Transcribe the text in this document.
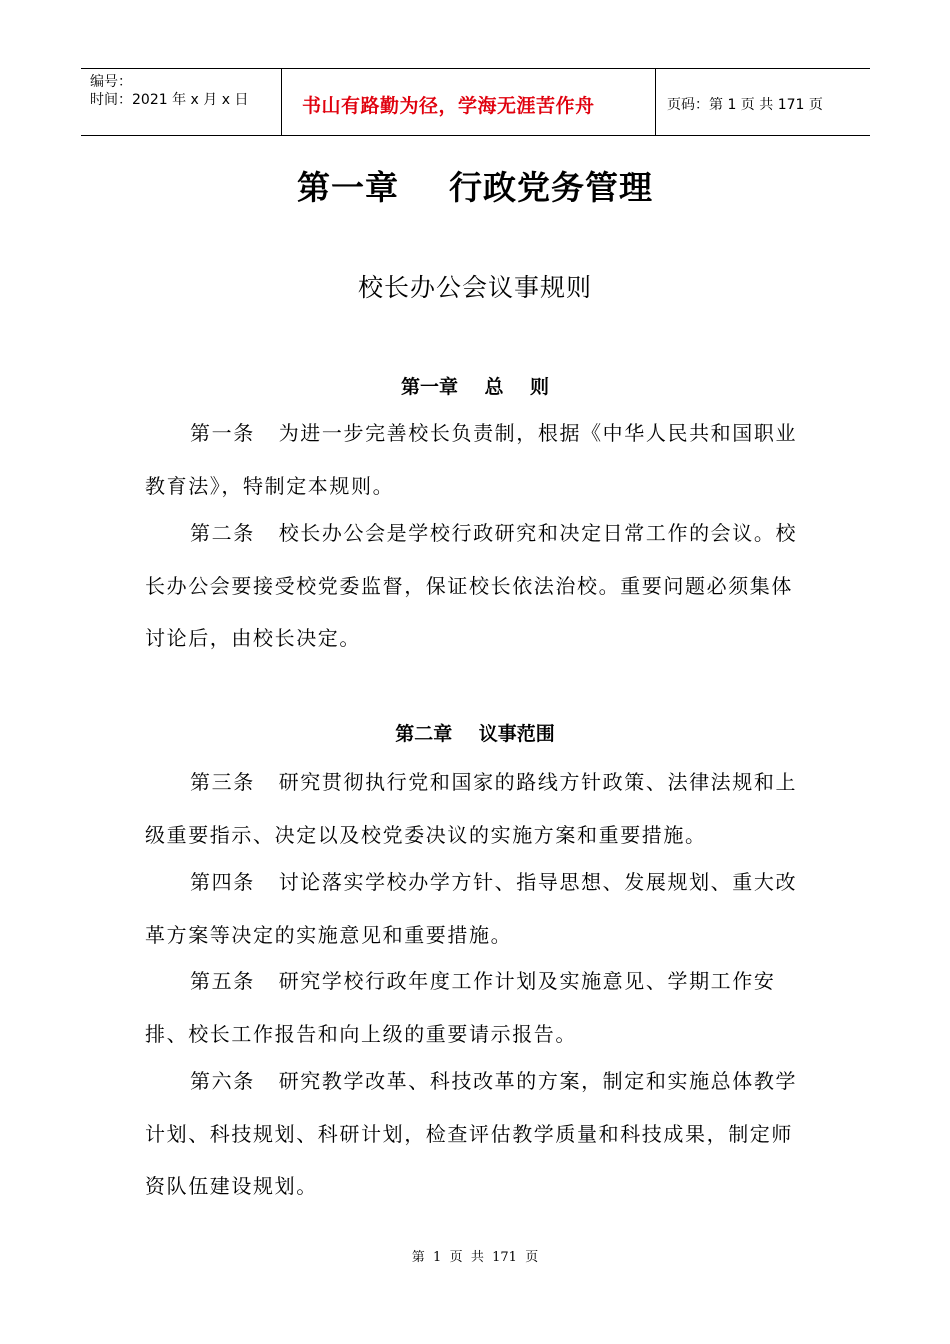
编号：
时间：2021 年 x 月 x 日	书山有路勤为径，学海无涯苦作舟	页码：第 1 页 共 171 页
第一章    行政党务管理
校长办公会议事规则
第一章    总    则

第一条 为进一步完善校长负责制，根据《中华人民共和国职业教育法》，特制定本规则。

第二条 校长办公会是学校行政研究和决定日常工作的会议。校长办公会要接受校党委监督，保证校长依法治校。重要问题必须集体讨论后，由校长决定。

第二章    议事范围

第三条 研究贯彻执行党和国家的路线方针政策、法律法规和上级重要指示、决定以及校党委决议的实施方案和重要措施。

第四条 讨论落实学校办学方针、指导思想、发展规划、重大改革方案等决定的实施意见和重要措施。

第五条 研究学校行政年度工作计划及实施意见、学期工作安排、校长工作报告和向上级的重要请示报告。

第六条 研究教学改革、科技改革的方案，制定和实施总体教学计划、科技规划、科研计划，检查评估教学质量和科技成果，制定师资队伍建设规划。

第  1  页  共  171  页
